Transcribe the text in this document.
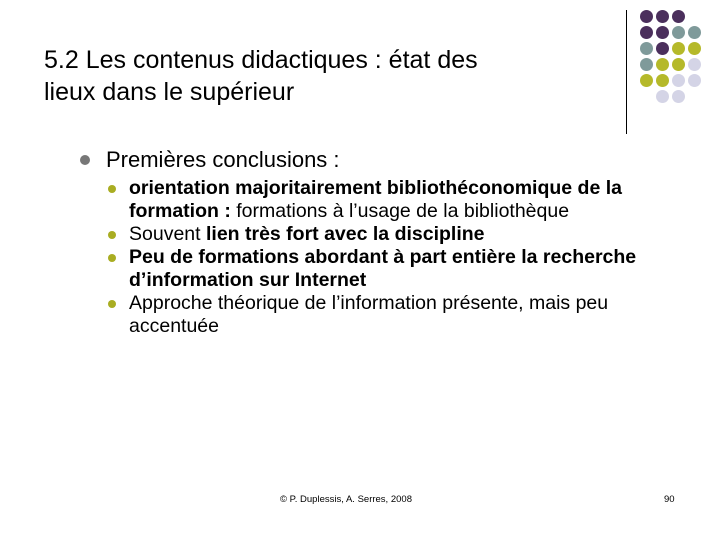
5.2 Les contenus didactiques : état des
lieux dans le supérieur
Premières conclusions :
orientation majoritairement bibliothéconomique de la formation : formations à l’usage de la bibliothèque
Souvent lien très fort avec la discipline
Peu de formations abordant à part entière la recherche d’information sur Internet
Approche théorique de l’information présente, mais peu accentuée
© P. Duplessis, A. Serres, 2008	90
